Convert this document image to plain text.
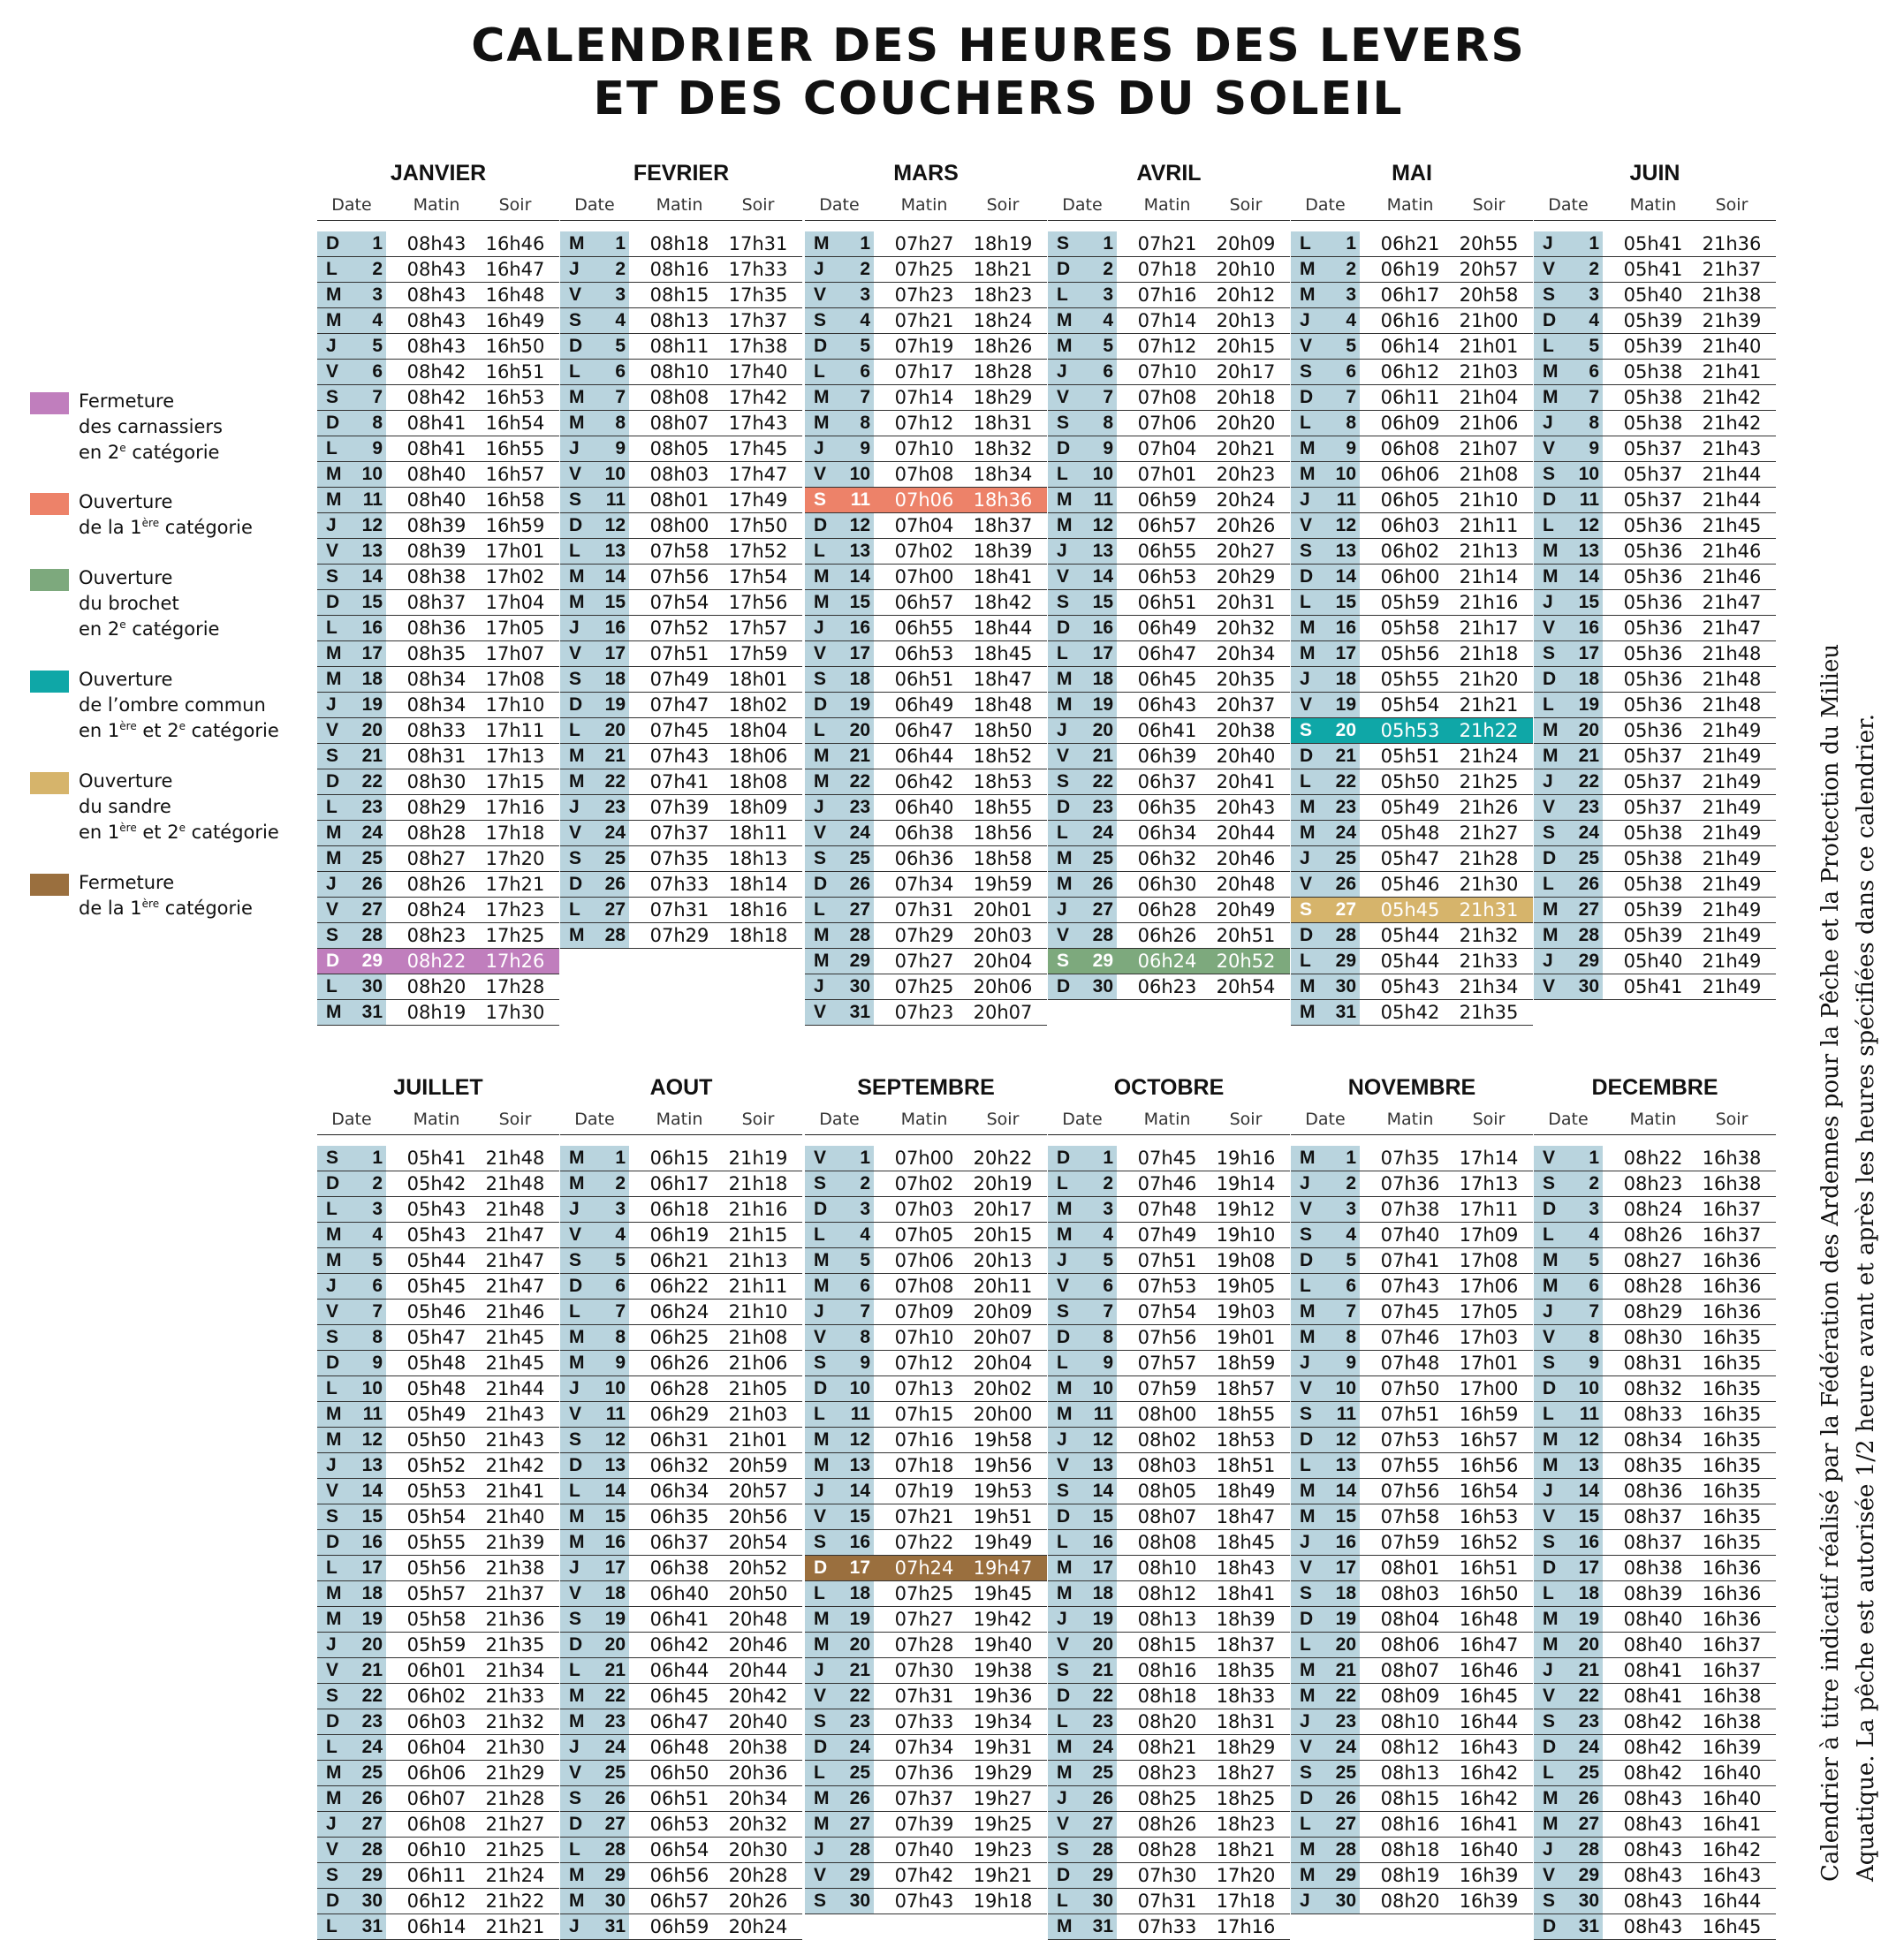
CALENDRIER DES HEURES DES LEVERS
ET DES COUCHERS DU SOLEIL
Fermeture
des carnassiers
en 2e catégorie
Ouverture
de la 1ère catégorie
Ouverture
du brochet
en 2e catégorie
Ouverture
de l’ombre commun
en 1ère et 2e catégorie
Ouverture
du sandre
en 1ère et 2e catégorie
Fermeture
de la 1ère catégorie
JANVIER
Date	Matin	Soir
D	1	08h43	16h46
L	2	08h43	16h47
M	3	08h43	16h48
M	4	08h43	16h49
J	5	08h43	16h50
V	6	08h42	16h51
S	7	08h42	16h53
D	8	08h41	16h54
L	9	08h41	16h55
M	10	08h40	16h57
M	11	08h40	16h58
J	12	08h39	16h59
V	13	08h39	17h01
S	14	08h38	17h02
D	15	08h37	17h04
L	16	08h36	17h05
M	17	08h35	17h07
M	18	08h34	17h08
J	19	08h34	17h10
V	20	08h33	17h11
S	21	08h31	17h13
D	22	08h30	17h15
L	23	08h29	17h16
M	24	08h28	17h18
M	25	08h27	17h20
J	26	08h26	17h21
V	27	08h24	17h23
S	28	08h23	17h25
D	29	08h22	17h26
L	30	08h20	17h28
M	31	08h19	17h30
FEVRIER
Date	Matin	Soir
M	1	08h18	17h31
J	2	08h16	17h33
V	3	08h15	17h35
S	4	08h13	17h37
D	5	08h11	17h38
L	6	08h10	17h40
M	7	08h08	17h42
M	8	08h07	17h43
J	9	08h05	17h45
V	10	08h03	17h47
S	11	08h01	17h49
D	12	08h00	17h50
L	13	07h58	17h52
M	14	07h56	17h54
M	15	07h54	17h56
J	16	07h52	17h57
V	17	07h51	17h59
S	18	07h49	18h01
D	19	07h47	18h02
L	20	07h45	18h04
M	21	07h43	18h06
M	22	07h41	18h08
J	23	07h39	18h09
V	24	07h37	18h11
S	25	07h35	18h13
D	26	07h33	18h14
L	27	07h31	18h16
M	28	07h29	18h18
MARS
Date	Matin	Soir
M	1	07h27	18h19
J	2	07h25	18h21
V	3	07h23	18h23
S	4	07h21	18h24
D	5	07h19	18h26
L	6	07h17	18h28
M	7	07h14	18h29
M	8	07h12	18h31
J	9	07h10	18h32
V	10	07h08	18h34
S	11	07h06	18h36
D	12	07h04	18h37
L	13	07h02	18h39
M	14	07h00	18h41
M	15	06h57	18h42
J	16	06h55	18h44
V	17	06h53	18h45
S	18	06h51	18h47
D	19	06h49	18h48
L	20	06h47	18h50
M	21	06h44	18h52
M	22	06h42	18h53
J	23	06h40	18h55
V	24	06h38	18h56
S	25	06h36	18h58
D	26	07h34	19h59
L	27	07h31	20h01
M	28	07h29	20h03
M	29	07h27	20h04
J	30	07h25	20h06
V	31	07h23	20h07
AVRIL
Date	Matin	Soir
S	1	07h21	20h09
D	2	07h18	20h10
L	3	07h16	20h12
M	4	07h14	20h13
M	5	07h12	20h15
J	6	07h10	20h17
V	7	07h08	20h18
S	8	07h06	20h20
D	9	07h04	20h21
L	10	07h01	20h23
M	11	06h59	20h24
M	12	06h57	20h26
J	13	06h55	20h27
V	14	06h53	20h29
S	15	06h51	20h31
D	16	06h49	20h32
L	17	06h47	20h34
M	18	06h45	20h35
M	19	06h43	20h37
J	20	06h41	20h38
V	21	06h39	20h40
S	22	06h37	20h41
D	23	06h35	20h43
L	24	06h34	20h44
M	25	06h32	20h46
M	26	06h30	20h48
J	27	06h28	20h49
V	28	06h26	20h51
S	29	06h24	20h52
D	30	06h23	20h54
MAI
Date	Matin	Soir
L	1	06h21	20h55
M	2	06h19	20h57
M	3	06h17	20h58
J	4	06h16	21h00
V	5	06h14	21h01
S	6	06h12	21h03
D	7	06h11	21h04
L	8	06h09	21h06
M	9	06h08	21h07
M	10	06h06	21h08
J	11	06h05	21h10
V	12	06h03	21h11
S	13	06h02	21h13
D	14	06h00	21h14
L	15	05h59	21h16
M	16	05h58	21h17
M	17	05h56	21h18
J	18	05h55	21h20
V	19	05h54	21h21
S	20	05h53	21h22
D	21	05h51	21h24
L	22	05h50	21h25
M	23	05h49	21h26
M	24	05h48	21h27
J	25	05h47	21h28
V	26	05h46	21h30
S	27	05h45	21h31
D	28	05h44	21h32
L	29	05h44	21h33
M	30	05h43	21h34
M	31	05h42	21h35
JUIN
Date	Matin	Soir
J	1	05h41	21h36
V	2	05h41	21h37
S	3	05h40	21h38
D	4	05h39	21h39
L	5	05h39	21h40
M	6	05h38	21h41
M	7	05h38	21h42
J	8	05h38	21h42
V	9	05h37	21h43
S	10	05h37	21h44
D	11	05h37	21h44
L	12	05h36	21h45
M	13	05h36	21h46
M	14	05h36	21h46
J	15	05h36	21h47
V	16	05h36	21h47
S	17	05h36	21h48
D	18	05h36	21h48
L	19	05h36	21h48
M	20	05h36	21h49
M	21	05h37	21h49
J	22	05h37	21h49
V	23	05h37	21h49
S	24	05h38	21h49
D	25	05h38	21h49
L	26	05h38	21h49
M	27	05h39	21h49
M	28	05h39	21h49
J	29	05h40	21h49
V	30	05h41	21h49
JUILLET
Date	Matin	Soir
S	1	05h41	21h48
D	2	05h42	21h48
L	3	05h43	21h48
M	4	05h43	21h47
M	5	05h44	21h47
J	6	05h45	21h47
V	7	05h46	21h46
S	8	05h47	21h45
D	9	05h48	21h45
L	10	05h48	21h44
M	11	05h49	21h43
M	12	05h50	21h43
J	13	05h52	21h42
V	14	05h53	21h41
S	15	05h54	21h40
D	16	05h55	21h39
L	17	05h56	21h38
M	18	05h57	21h37
M	19	05h58	21h36
J	20	05h59	21h35
V	21	06h01	21h34
S	22	06h02	21h33
D	23	06h03	21h32
L	24	06h04	21h30
M	25	06h06	21h29
M	26	06h07	21h28
J	27	06h08	21h27
V	28	06h10	21h25
S	29	06h11	21h24
D	30	06h12	21h22
L	31	06h14	21h21
AOUT
Date	Matin	Soir
M	1	06h15	21h19
M	2	06h17	21h18
J	3	06h18	21h16
V	4	06h19	21h15
S	5	06h21	21h13
D	6	06h22	21h11
L	7	06h24	21h10
M	8	06h25	21h08
M	9	06h26	21h06
J	10	06h28	21h05
V	11	06h29	21h03
S	12	06h31	21h01
D	13	06h32	20h59
L	14	06h34	20h57
M	15	06h35	20h56
M	16	06h37	20h54
J	17	06h38	20h52
V	18	06h40	20h50
S	19	06h41	20h48
D	20	06h42	20h46
L	21	06h44	20h44
M	22	06h45	20h42
M	23	06h47	20h40
J	24	06h48	20h38
V	25	06h50	20h36
S	26	06h51	20h34
D	27	06h53	20h32
L	28	06h54	20h30
M	29	06h56	20h28
M	30	06h57	20h26
J	31	06h59	20h24
SEPTEMBRE
Date	Matin	Soir
V	1	07h00	20h22
S	2	07h02	20h19
D	3	07h03	20h17
L	4	07h05	20h15
M	5	07h06	20h13
M	6	07h08	20h11
J	7	07h09	20h09
V	8	07h10	20h07
S	9	07h12	20h04
D	10	07h13	20h02
L	11	07h15	20h00
M	12	07h16	19h58
M	13	07h18	19h56
J	14	07h19	19h53
V	15	07h21	19h51
S	16	07h22	19h49
D	17	07h24	19h47
L	18	07h25	19h45
M	19	07h27	19h42
M	20	07h28	19h40
J	21	07h30	19h38
V	22	07h31	19h36
S	23	07h33	19h34
D	24	07h34	19h31
L	25	07h36	19h29
M	26	07h37	19h27
M	27	07h39	19h25
J	28	07h40	19h23
V	29	07h42	19h21
S	30	07h43	19h18
OCTOBRE
Date	Matin	Soir
D	1	07h45	19h16
L	2	07h46	19h14
M	3	07h48	19h12
M	4	07h49	19h10
J	5	07h51	19h08
V	6	07h53	19h05
S	7	07h54	19h03
D	8	07h56	19h01
L	9	07h57	18h59
M	10	07h59	18h57
M	11	08h00	18h55
J	12	08h02	18h53
V	13	08h03	18h51
S	14	08h05	18h49
D	15	08h07	18h47
L	16	08h08	18h45
M	17	08h10	18h43
M	18	08h12	18h41
J	19	08h13	18h39
V	20	08h15	18h37
S	21	08h16	18h35
D	22	08h18	18h33
L	23	08h20	18h31
M	24	08h21	18h29
M	25	08h23	18h27
J	26	08h25	18h25
V	27	08h26	18h23
S	28	08h28	18h21
D	29	07h30	17h20
L	30	07h31	17h18
M	31	07h33	17h16
NOVEMBRE
Date	Matin	Soir
M	1	07h35	17h14
J	2	07h36	17h13
V	3	07h38	17h11
S	4	07h40	17h09
D	5	07h41	17h08
L	6	07h43	17h06
M	7	07h45	17h05
M	8	07h46	17h03
J	9	07h48	17h01
V	10	07h50	17h00
S	11	07h51	16h59
D	12	07h53	16h57
L	13	07h55	16h56
M	14	07h56	16h54
M	15	07h58	16h53
J	16	07h59	16h52
V	17	08h01	16h51
S	18	08h03	16h50
D	19	08h04	16h48
L	20	08h06	16h47
M	21	08h07	16h46
M	22	08h09	16h45
J	23	08h10	16h44
V	24	08h12	16h43
S	25	08h13	16h42
D	26	08h15	16h42
L	27	08h16	16h41
M	28	08h18	16h40
M	29	08h19	16h39
J	30	08h20	16h39
DECEMBRE
Date	Matin	Soir
V	1	08h22	16h38
S	2	08h23	16h38
D	3	08h24	16h37
L	4	08h26	16h37
M	5	08h27	16h36
M	6	08h28	16h36
J	7	08h29	16h36
V	8	08h30	16h35
S	9	08h31	16h35
D	10	08h32	16h35
L	11	08h33	16h35
M	12	08h34	16h35
M	13	08h35	16h35
J	14	08h36	16h35
V	15	08h37	16h35
S	16	08h37	16h35
D	17	08h38	16h36
L	18	08h39	16h36
M	19	08h40	16h36
M	20	08h40	16h37
J	21	08h41	16h37
V	22	08h41	16h38
S	23	08h42	16h38
D	24	08h42	16h39
L	25	08h42	16h40
M	26	08h43	16h40
M	27	08h43	16h41
J	28	08h43	16h42
V	29	08h43	16h43
S	30	08h43	16h44
D	31	08h43	16h45
Calendrier à titre indicatif réalisé par la Fédération des Ardennes pour la Pêche et la Protection du Milieu Aquatique. La pêche est autorisée 1/2 heure avant et après les heures spécifiées dans ce calendrier.
